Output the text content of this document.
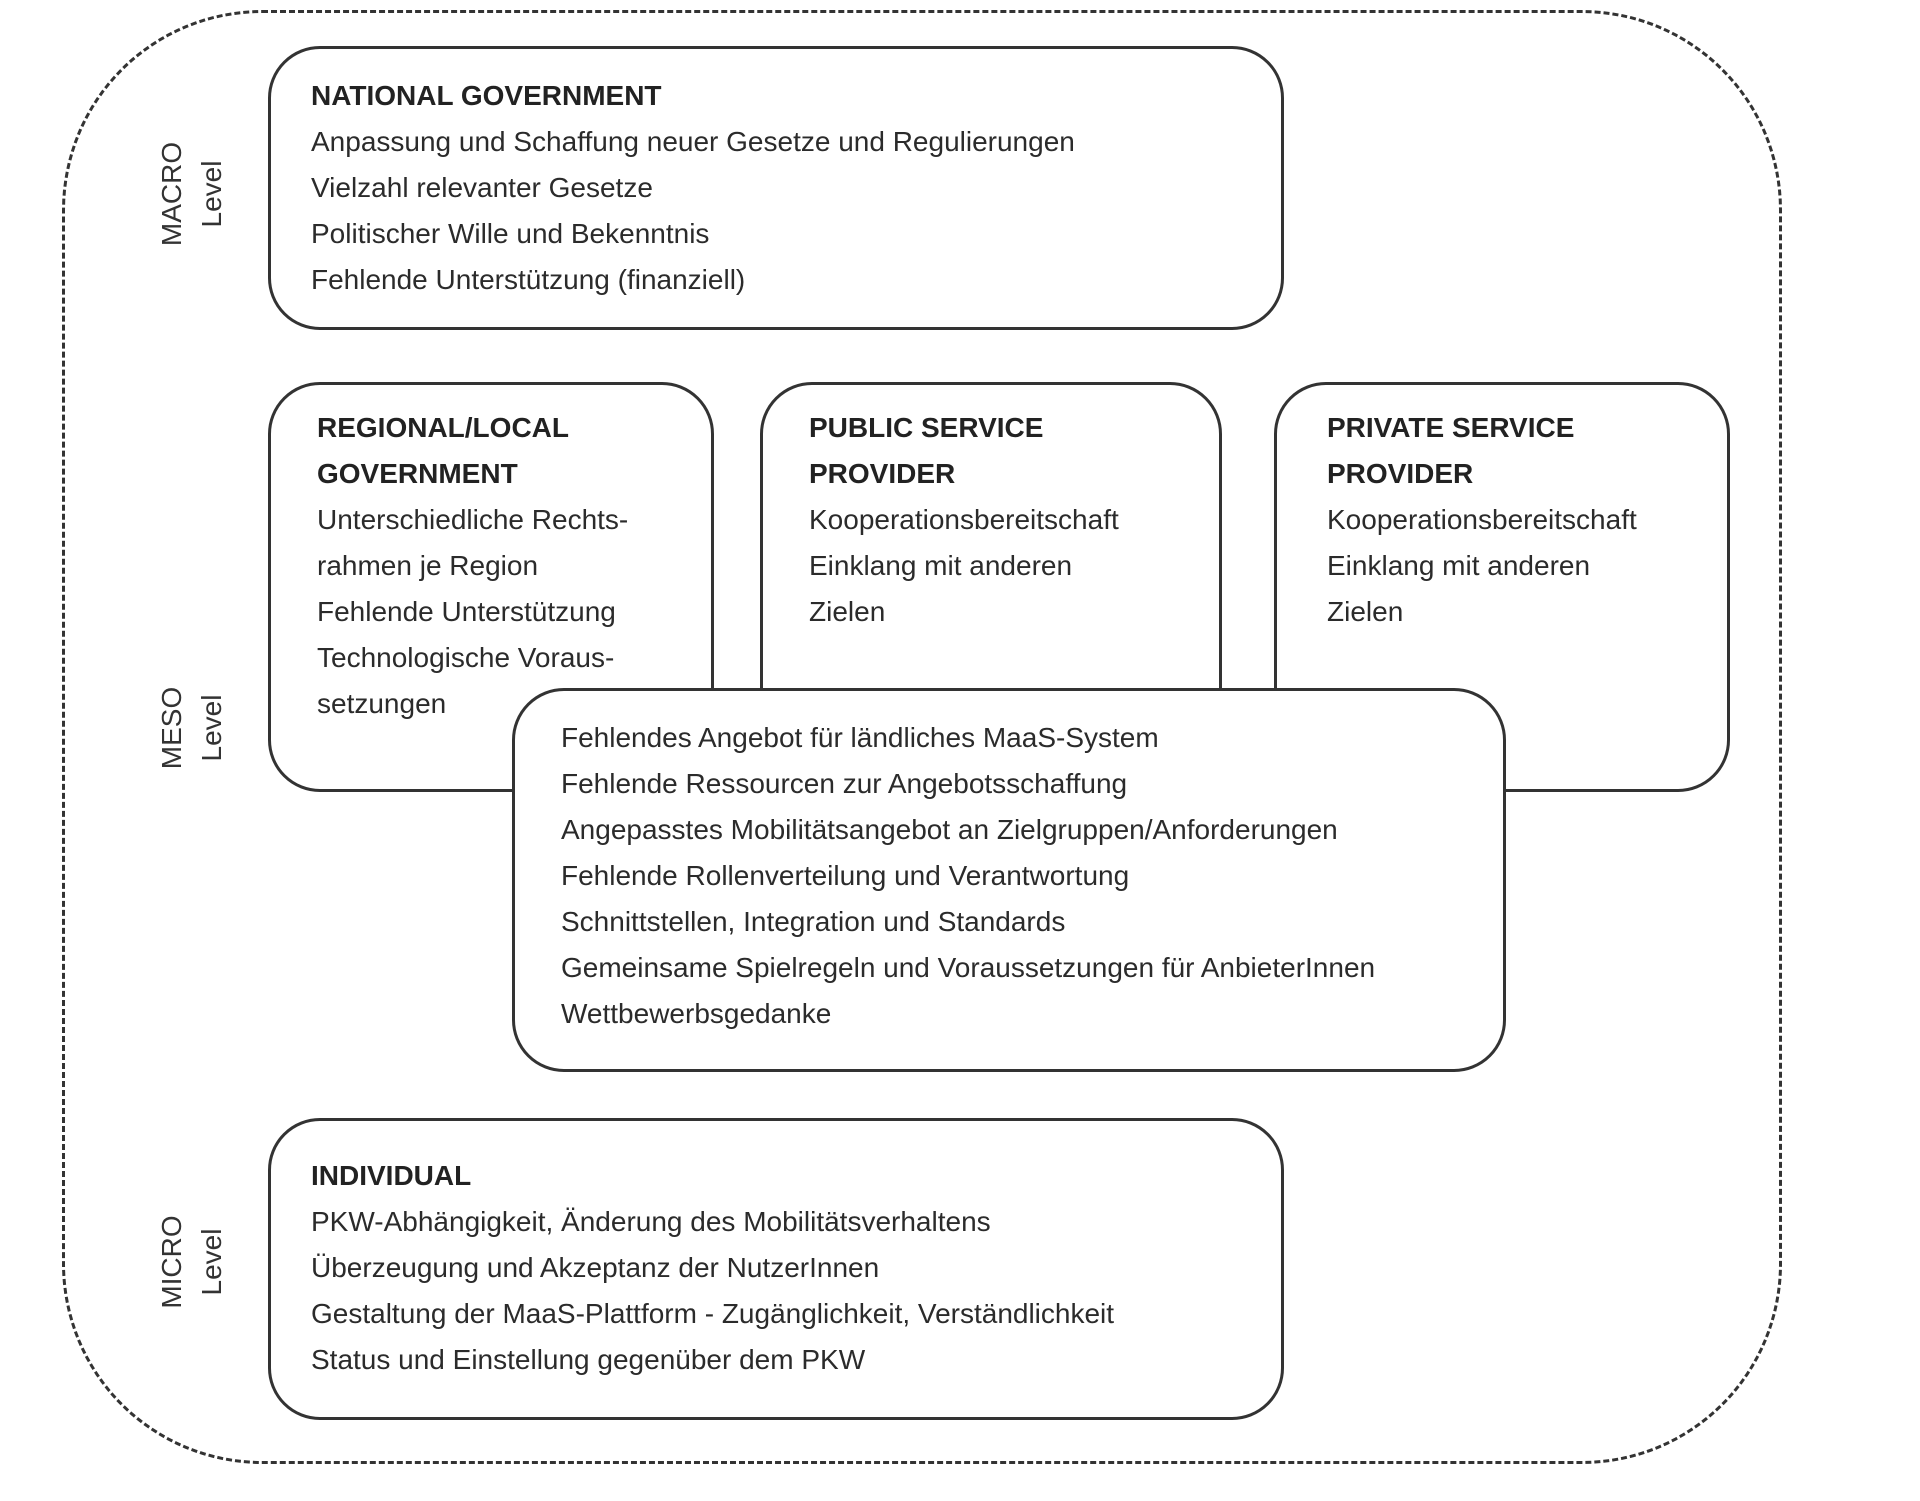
MACRO Level
MESO Level
MICRO Level

NATIONAL GOVERNMENT

Anpassung und Schaffung neuer Gesetze und Regulierungen
Vielzahl relevanter Gesetze
Politischer Wille und Bekenntnis
Fehlende Unterstützung (finanziell)

REGIONAL/LOCAL

GOVERNMENT

Unterschiedliche Rechts-
rahmen je Region
Fehlende Unterstützung
Technologische Voraus-
setzungen

PUBLIC SERVICE

PROVIDER

Kooperationsbereitschaft
Einklang mit anderen
Zielen

PRIVATE SERVICE

PROVIDER

Kooperationsbereitschaft
Einklang mit anderen
Zielen
Fehlendes Angebot für ländliches MaaS-System
Fehlende Ressourcen zur Angebotsschaffung
Angepasstes Mobilitätsangebot an Zielgruppen/Anforderungen
Fehlende Rollenverteilung und Verantwortung
Schnittstellen, Integration und Standards
Gemeinsame Spielregeln und Voraussetzungen für AnbieterInnen
Wettbewerbsgedanke

INDIVIDUAL

PKW-Abhängigkeit, Änderung des Mobilitätsverhaltens
Überzeugung und Akzeptanz der NutzerInnen
Gestaltung der MaaS-Plattform - Zugänglichkeit, Verständlichkeit
Status und Einstellung gegenüber dem PKW
